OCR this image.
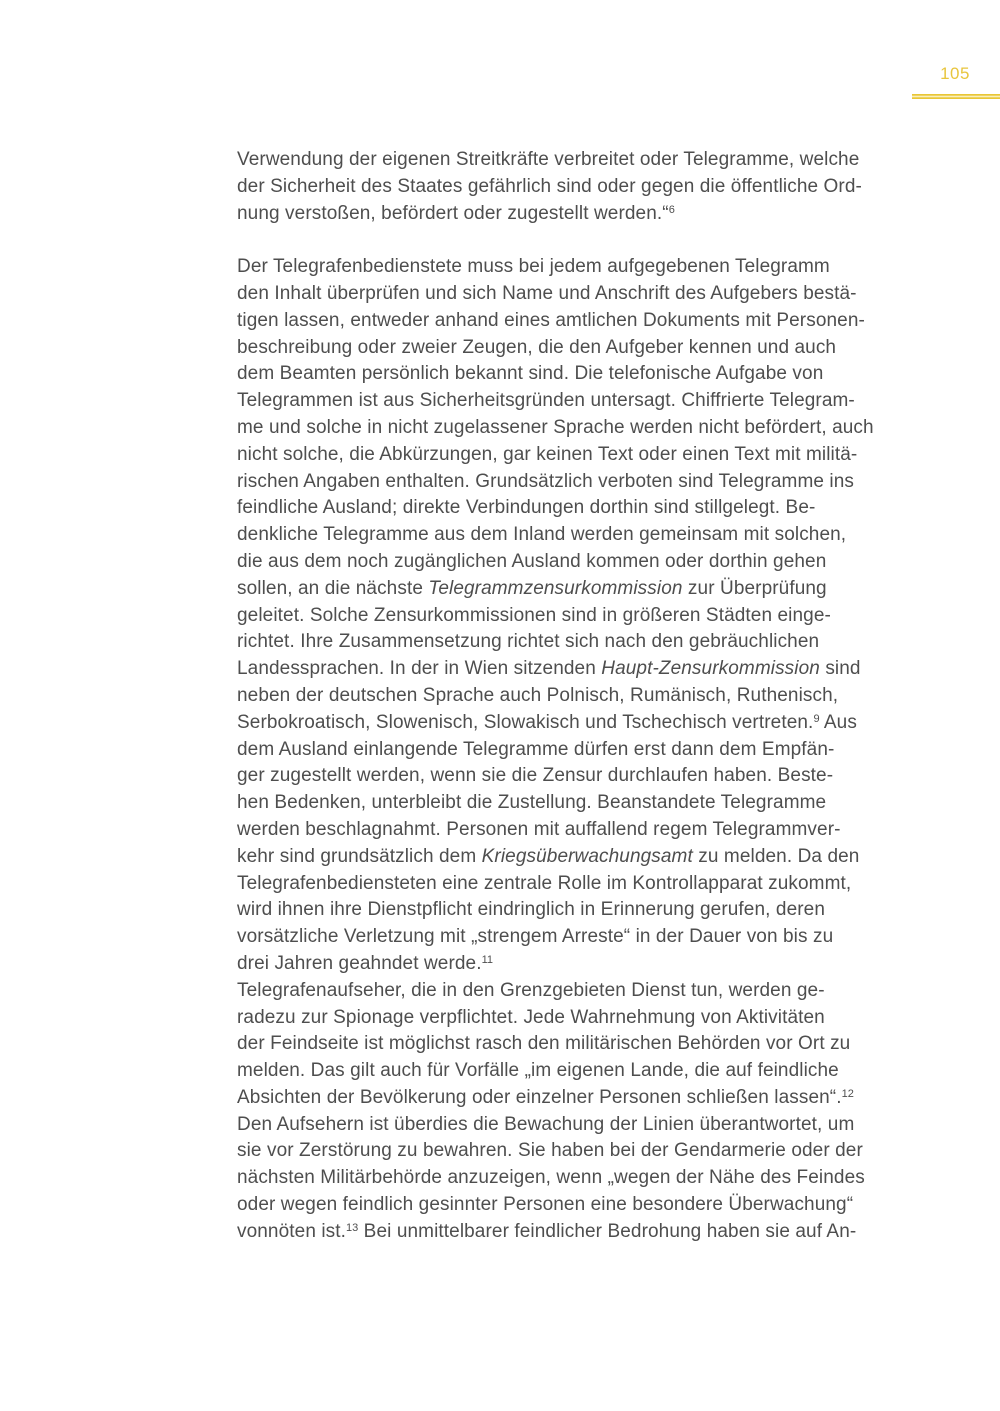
105
Verwendung der eigenen Streitkräfte verbreitet oder Telegramme, welche
der Sicherheit des Staates gefährlich sind oder gegen die öffentliche Ord-
nung verstoßen, befördert oder zugestellt werden.“$^6$
Der Telegrafenbedienstete muss bei jedem aufgegebenen Telegramm
den Inhalt überprüfen und sich Name und Anschrift des Aufgebers bestä-
tigen lassen, entweder anhand eines amtlichen Dokuments mit Personen-
beschreibung oder zweier Zeugen, die den Aufgeber kennen und auch
dem Beamten persönlich bekannt sind. Die telefonische Aufgabe von
Telegrammen ist aus Sicherheitsgründen untersagt. Chiffrierte Telegram-
me und solche in nicht zugelassener Sprache werden nicht befördert, auch
nicht solche, die Abkürzungen, gar keinen Text oder einen Text mit militä-
rischen Angaben enthalten. Grundsätzlich verboten sind Telegramme ins
feindliche Ausland; direkte Verbindungen dorthin sind stillgelegt. Be-
denkliche Telegramme aus dem Inland werden gemeinsam mit solchen,
die aus dem noch zugänglichen Ausland kommen oder dorthin gehen
sollen, an die nächste Telegrammzensurkommission zur Überprüfung
geleitet. Solche Zensurkommissionen sind in größeren Städten einge-
richtet. Ihre Zusammensetzung richtet sich nach den gebräuchlichen
Landessprachen. In der in Wien sitzenden Haupt-Zensurkommission sind
neben der deutschen Sprache auch Polnisch, Rumänisch, Ruthenisch,
Serbokroatisch, Slowenisch, Slowakisch und Tschechisch vertreten.$^9$ Aus
dem Ausland einlangende Telegramme dürfen erst dann dem Empfän-
ger zugestellt werden, wenn sie die Zensur durchlaufen haben. Beste-
hen Bedenken, unterbleibt die Zustellung. Beanstandete Telegramme
werden beschlagnahmt. Personen mit auffallend regem Telegrammver-
kehr sind grundsätzlich dem Kriegsüberwachungsamt zu melden. Da den
Telegrafenbediensteten eine zentrale Rolle im Kontrollapparat zukommt,
wird ihnen ihre Dienstpflicht eindringlich in Erinnerung gerufen, deren
vorsätzliche Verletzung mit „strengem Arreste“ in der Dauer von bis zu
drei Jahren geahndet werde.$^{11}$
Telegrafenaufseher, die in den Grenzgebieten Dienst tun, werden ge-
radezu zur Spionage verpflichtet. Jede Wahrnehmung von Aktivitäten
der Feindseite ist möglichst rasch den militärischen Behörden vor Ort zu
melden. Das gilt auch für Vorfälle „im eigenen Lande, die auf feindliche
Absichten der Bevölkerung oder einzelner Personen schließen lassen“.$^{12}$
Den Aufsehern ist überdies die Bewachung der Linien überantwortet, um
sie vor Zerstörung zu bewahren. Sie haben bei der Gendarmerie oder der
nächsten Militärbehörde anzuzeigen, wenn „wegen der Nähe des Feindes
oder wegen feindlich gesinnter Personen eine besondere Überwachung“
vonnöten ist.$^{13}$ Bei unmittelbarer feindlicher Bedrohung haben sie auf An-
